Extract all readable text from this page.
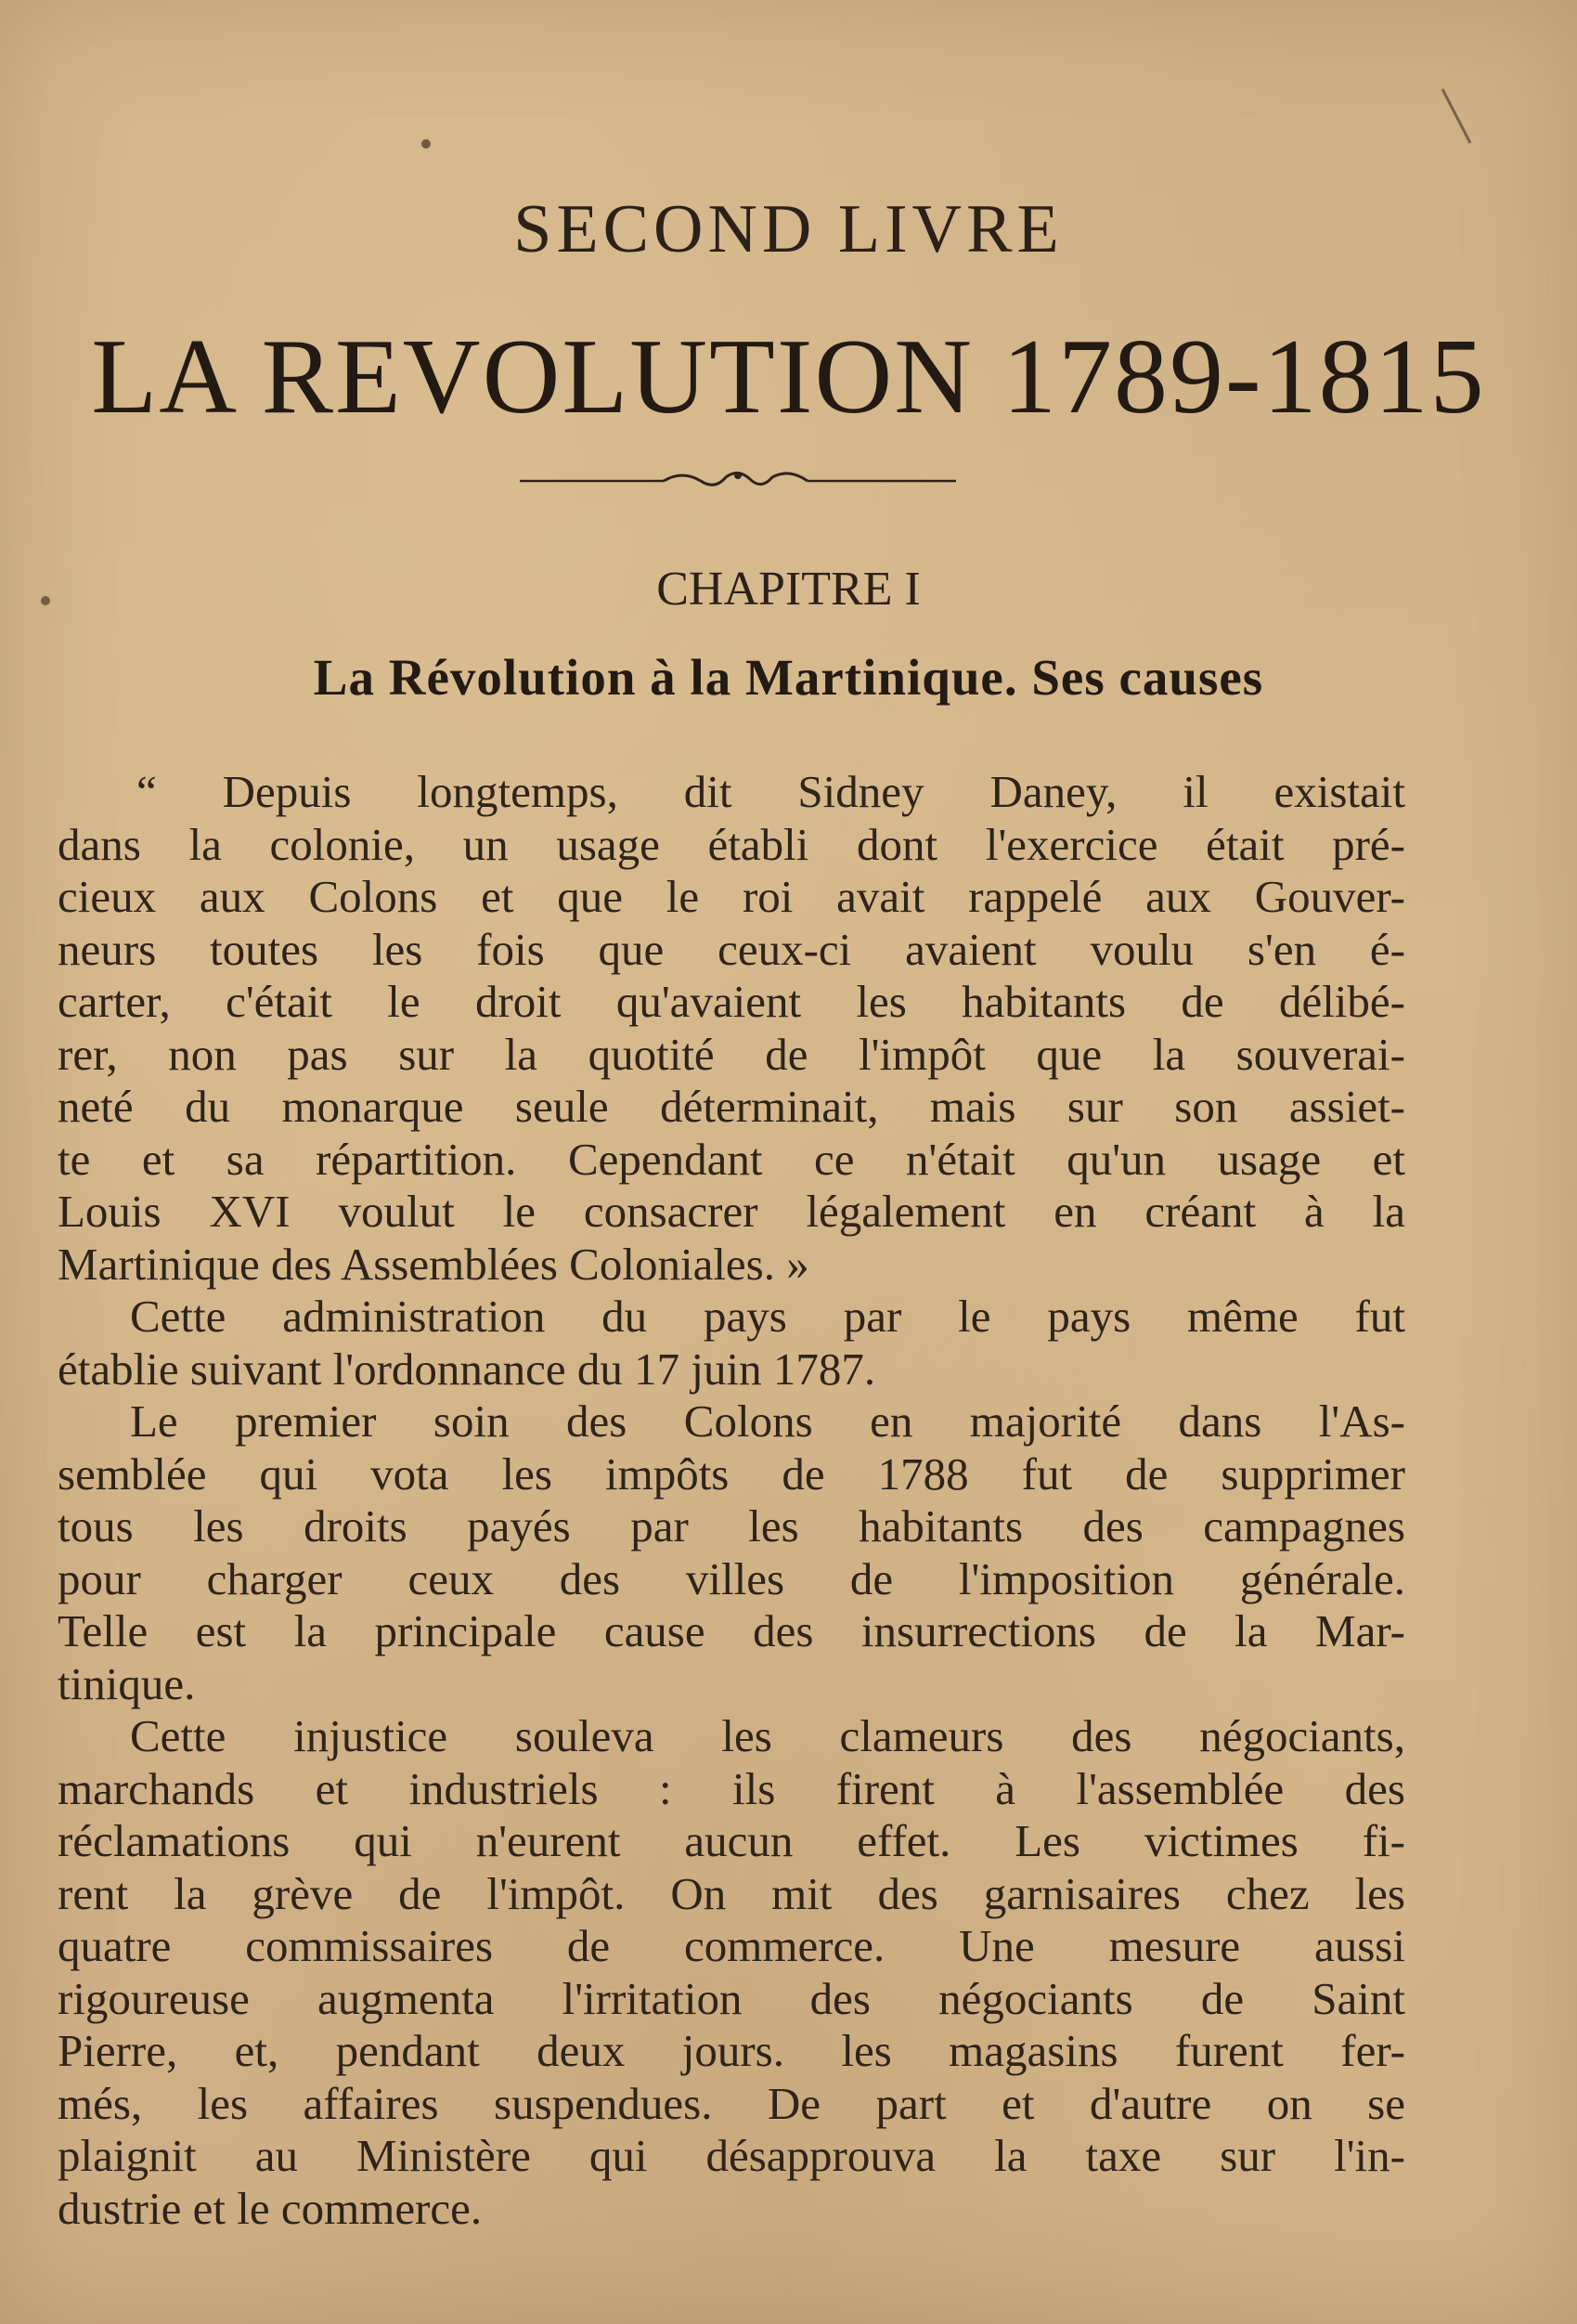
SECOND LIVRE
LA REVOLUTION 1789-1815
CHAPITRE I
La Révolution à la Martinique. Ses causes
“ Depuis longtemps, dit Sidney Daney, il existait
dans la colonie, un usage établi dont l'exercice était pré-
cieux aux Colons et que le roi avait rappelé aux Gouver-
neurs toutes les fois que ceux-ci avaient voulu s'en é-
carter, c'était le droit qu'avaient les habitants de délibé-
rer, non pas sur la quotité de l'impôt que la souverai-
neté du monarque seule déterminait, mais sur son assiet-
te et sa répartition. Cependant ce n'était qu'un usage et
Louis XVI voulut le consacrer légalement en créant à la
Martinique des Assemblées Coloniales. »
Cette administration du pays par le pays même fut
établie suivant l'ordonnance du 17 juin 1787.
Le premier soin des Colons en majorité dans l'As-
semblée qui vota les impôts de 1788 fut de supprimer
tous les droits payés par les habitants des campagnes
pour charger ceux des villes de l'imposition générale.
Telle est la principale cause des insurrections de la Mar-
tinique.
Cette injustice souleva les clameurs des négociants,
marchands et industriels : ils firent à l'assemblée des
réclamations qui n'eurent aucun effet. Les victimes fi-
rent la grève de l'impôt. On mit des garnisaires chez les
quatre commissaires de commerce. Une mesure aussi
rigoureuse augmenta l'irritation des négociants de Saint
Pierre, et, pendant deux jours. les magasins furent fer-
més, les affaires suspendues. De part et d'autre on se
plaignit au Ministère qui désapprouva la taxe sur l'in-
dustrie et le commerce.
